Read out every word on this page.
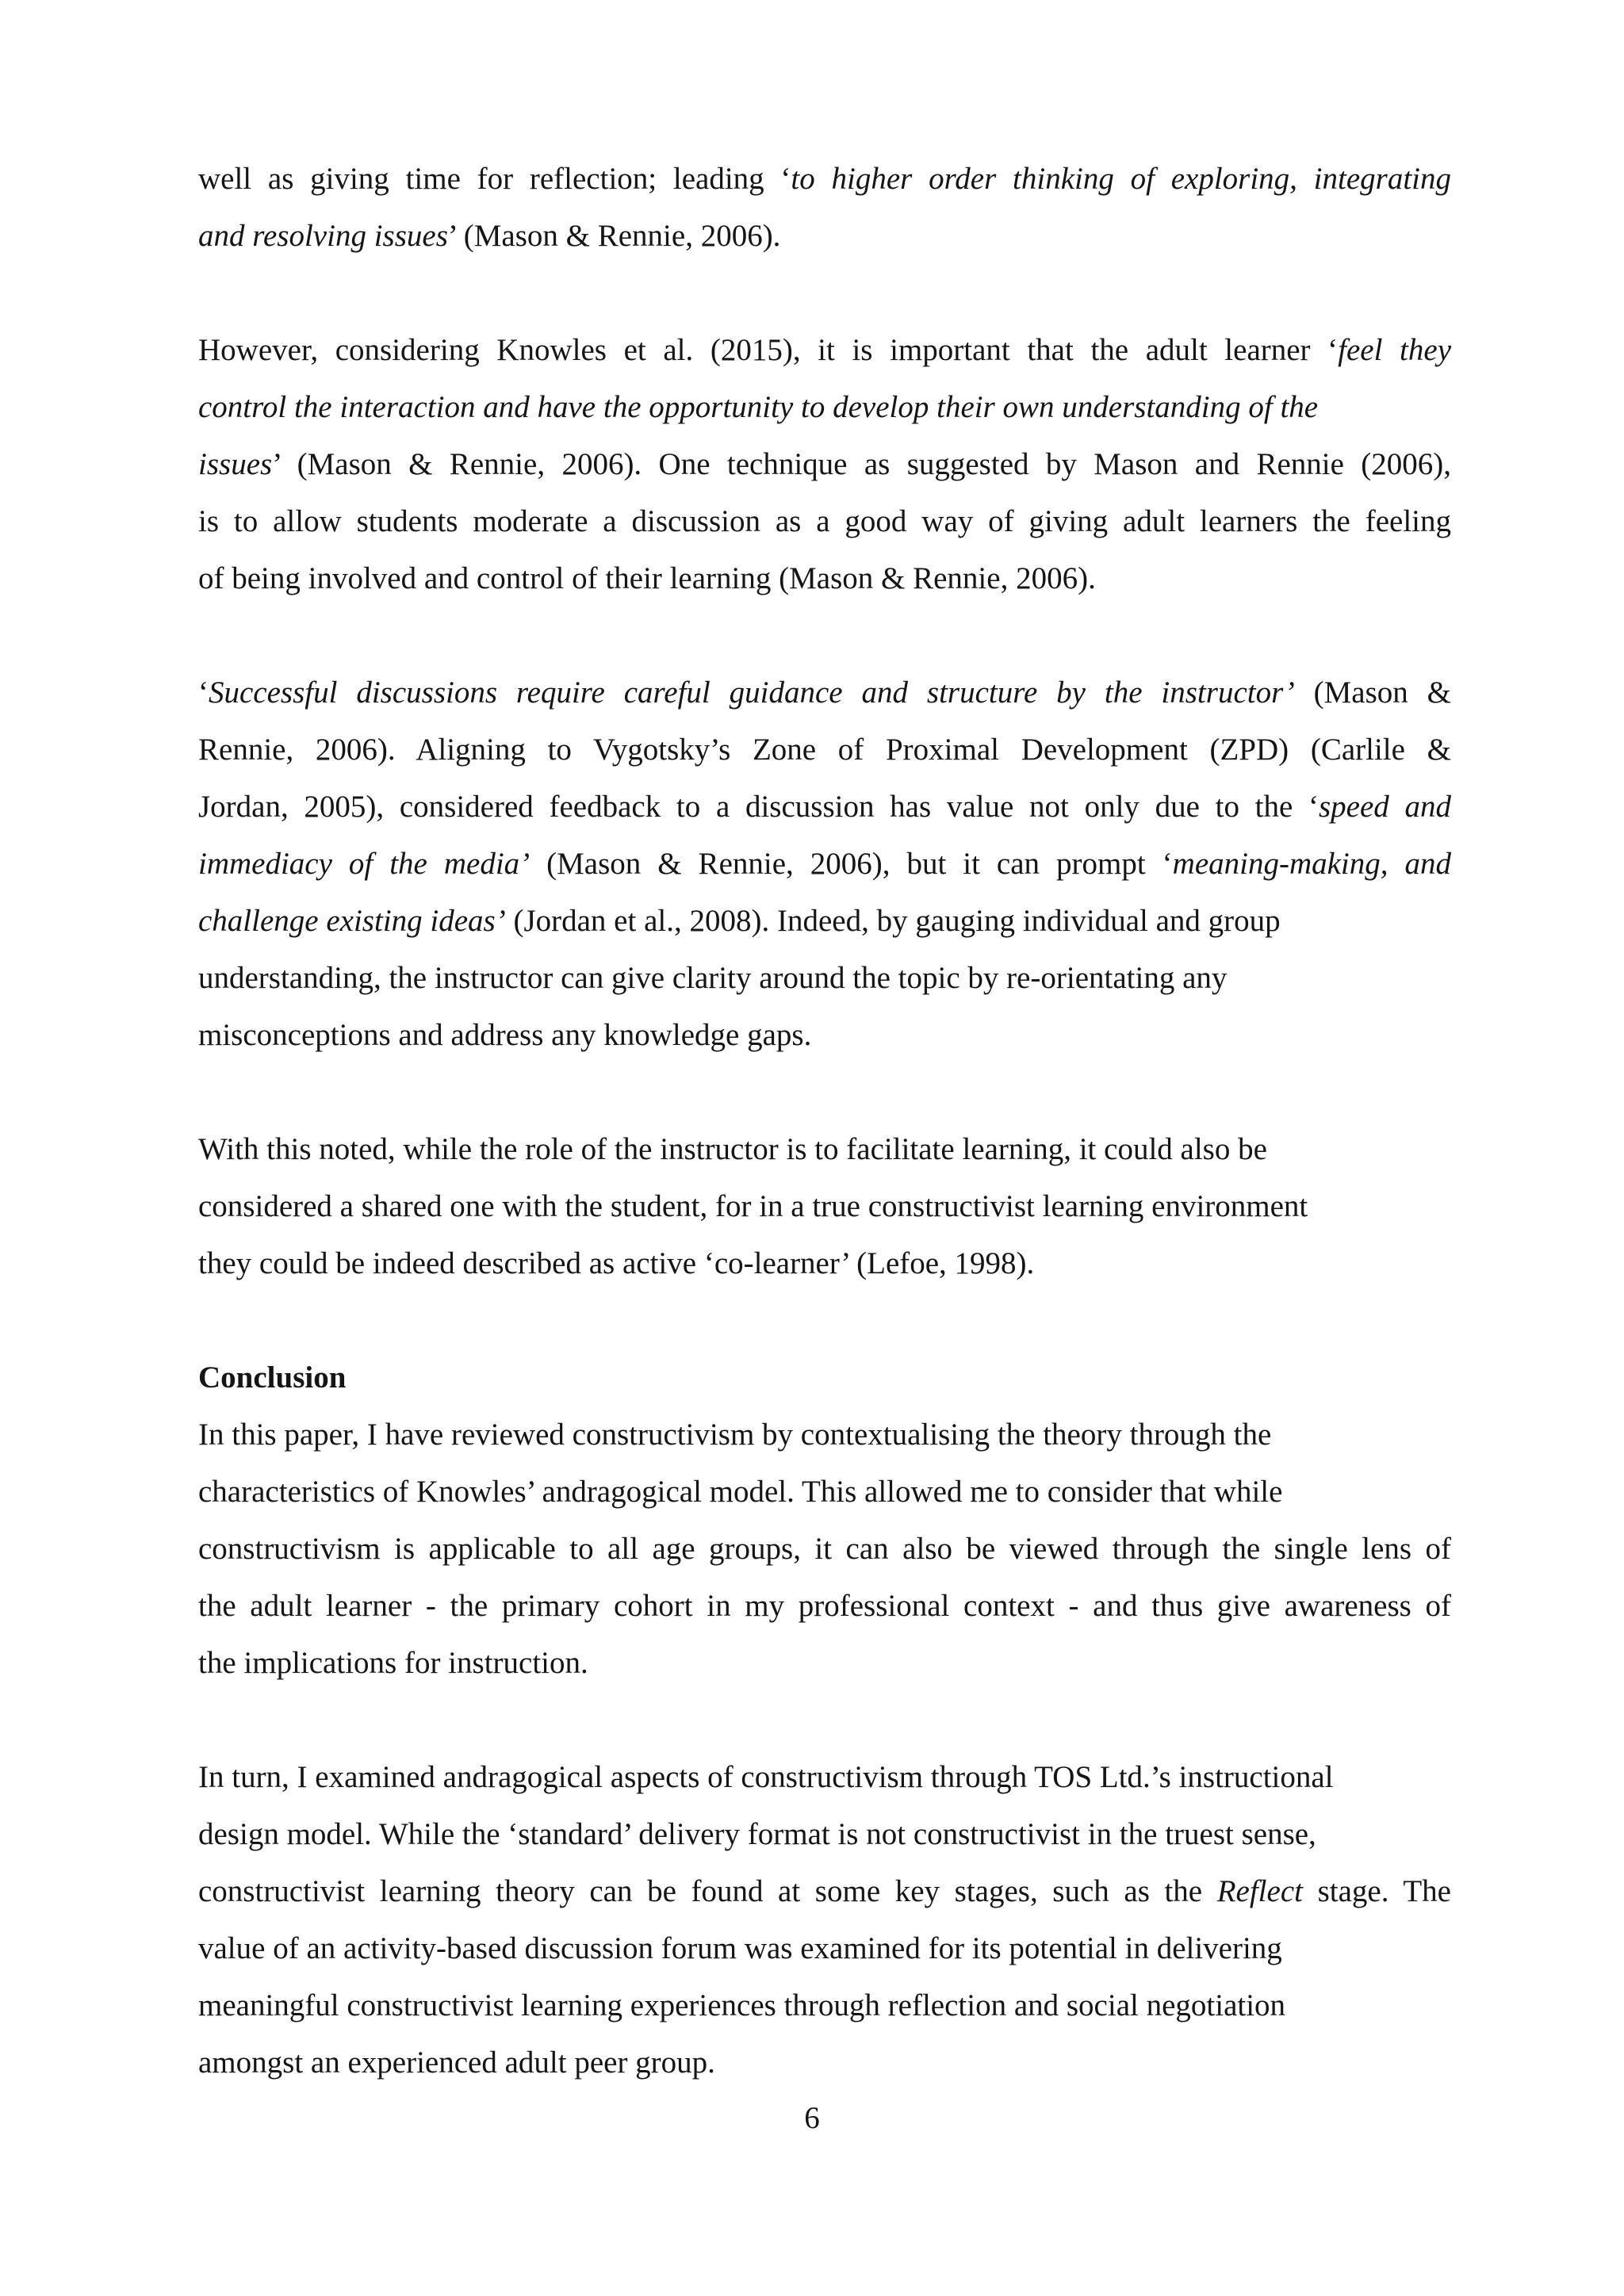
well as giving time for reflection; leading ‘to higher order thinking of exploring, integrating
and resolving issues’ (Mason & Rennie, 2006).

However, considering Knowles et al. (2015), it is important that the adult learner ‘feel they
control the interaction and have the opportunity to develop their own understanding of the
issues’ (Mason & Rennie, 2006). One technique as suggested by Mason and Rennie (2006),
is to allow students moderate a discussion as a good way of giving adult learners the feeling
of being involved and control of their learning (Mason & Rennie, 2006).

‘Successful discussions require careful guidance and structure by the instructor’ (Mason &
Rennie, 2006). Aligning to Vygotsky’s Zone of Proximal Development (ZPD) (Carlile &
Jordan, 2005), considered feedback to a discussion has value not only due to the ‘speed and
immediacy of the media’ (Mason & Rennie, 2006), but it can prompt ‘meaning-making, and
challenge existing ideas’ (Jordan et al., 2008). Indeed, by gauging individual and group
understanding, the instructor can give clarity around the topic by re-orientating any
misconceptions and address any knowledge gaps.

With this noted, while the role of the instructor is to facilitate learning, it could also be
considered a shared one with the student, for in a true constructivist learning environment
they could be indeed described as active ‘co-learner’ (Lefoe, 1998).

Conclusion

In this paper, I have reviewed constructivism by contextualising the theory through the
characteristics of Knowles’ andragogical model. This allowed me to consider that while
constructivism is applicable to all age groups, it can also be viewed through the single lens of
the adult learner - the primary cohort in my professional context - and thus give awareness of
the implications for instruction.

In turn, I examined andragogical aspects of constructivism through TOS Ltd.’s instructional
design model. While the ‘standard’ delivery format is not constructivist in the truest sense,
constructivist learning theory can be found at some key stages, such as the Reflect stage. The
value of an activity-based discussion forum was examined for its potential in delivering
meaningful constructivist learning experiences through reflection and social negotiation
amongst an experienced adult peer group.

6
